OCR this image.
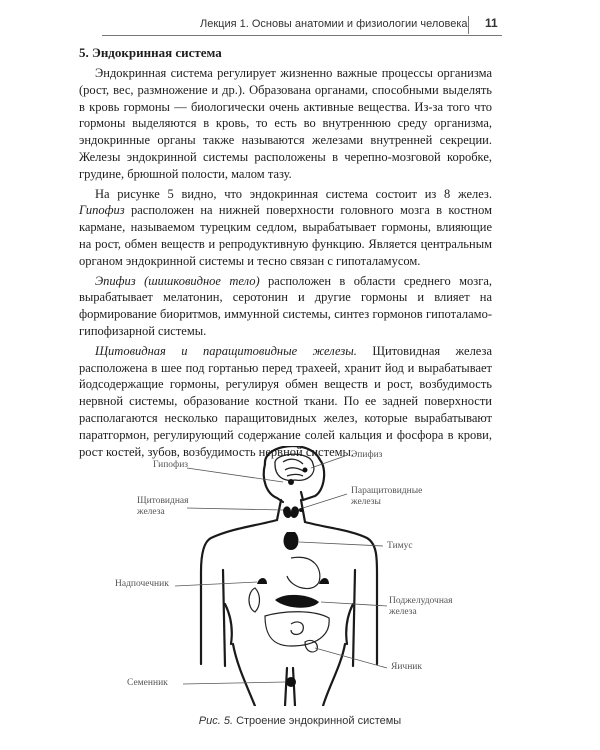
Лекция 1. Основы анатомии и физиологии человека 11
5. Эндокринная система

Эндокринная система регулирует жизненно важные процессы организма (рост, вес, размножение и др.). Образована органами, способными выделять в кровь гормоны — биологически очень активные вещества. Из-за того что гормоны выделяются в кровь, то есть во внутреннюю среду организма, эндокринные органы также называются железами внутренней секреции. Железы эндокринной системы расположены в черепно-мозговой коробке, грудине, брюшной полости, малом тазу.

На рисунке 5 видно, что эндокринная система состоит из 8 желез. Гипофиз расположен на нижней поверхности головного мозга в костном кармане, называемом турецким седлом, вырабатывает гормоны, влияющие на рост, обмен веществ и репродуктивную функцию. Является центральным органом эндокринной системы и тесно связан с гипоталамусом.

Эпифиз (шишковидное тело) расположен в области среднего мозга, вырабатывает мелатонин, серотонин и другие гормоны и влияет на формирование биоритмов, иммунной системы, синтез гормонов гипоталамо-гипофизарной системы.

Щитовидная и паращитовидные железы. Щитовидная железа расположена в шее под гортанью перед трахеей, хранит йод и вырабатывает йодсодержащие гормоны, регулируя обмен веществ и рост, возбудимость нервной системы, образование костной ткани. По ее задней поверхности располагаются несколько паращитовидных желез, которые вырабатывают паратгормон, регулирующий содержание солей кальция и фосфора в крови, рост костей, зубов, возбудимость нервной системы.

Гипофиз
Эпифиз
Щитовидная железа
Паращитовидные железы
Тимус
Надпочечник
Поджелудочная железа
Яичник
Семенник
Рис. 5. Строение эндокринной системы
